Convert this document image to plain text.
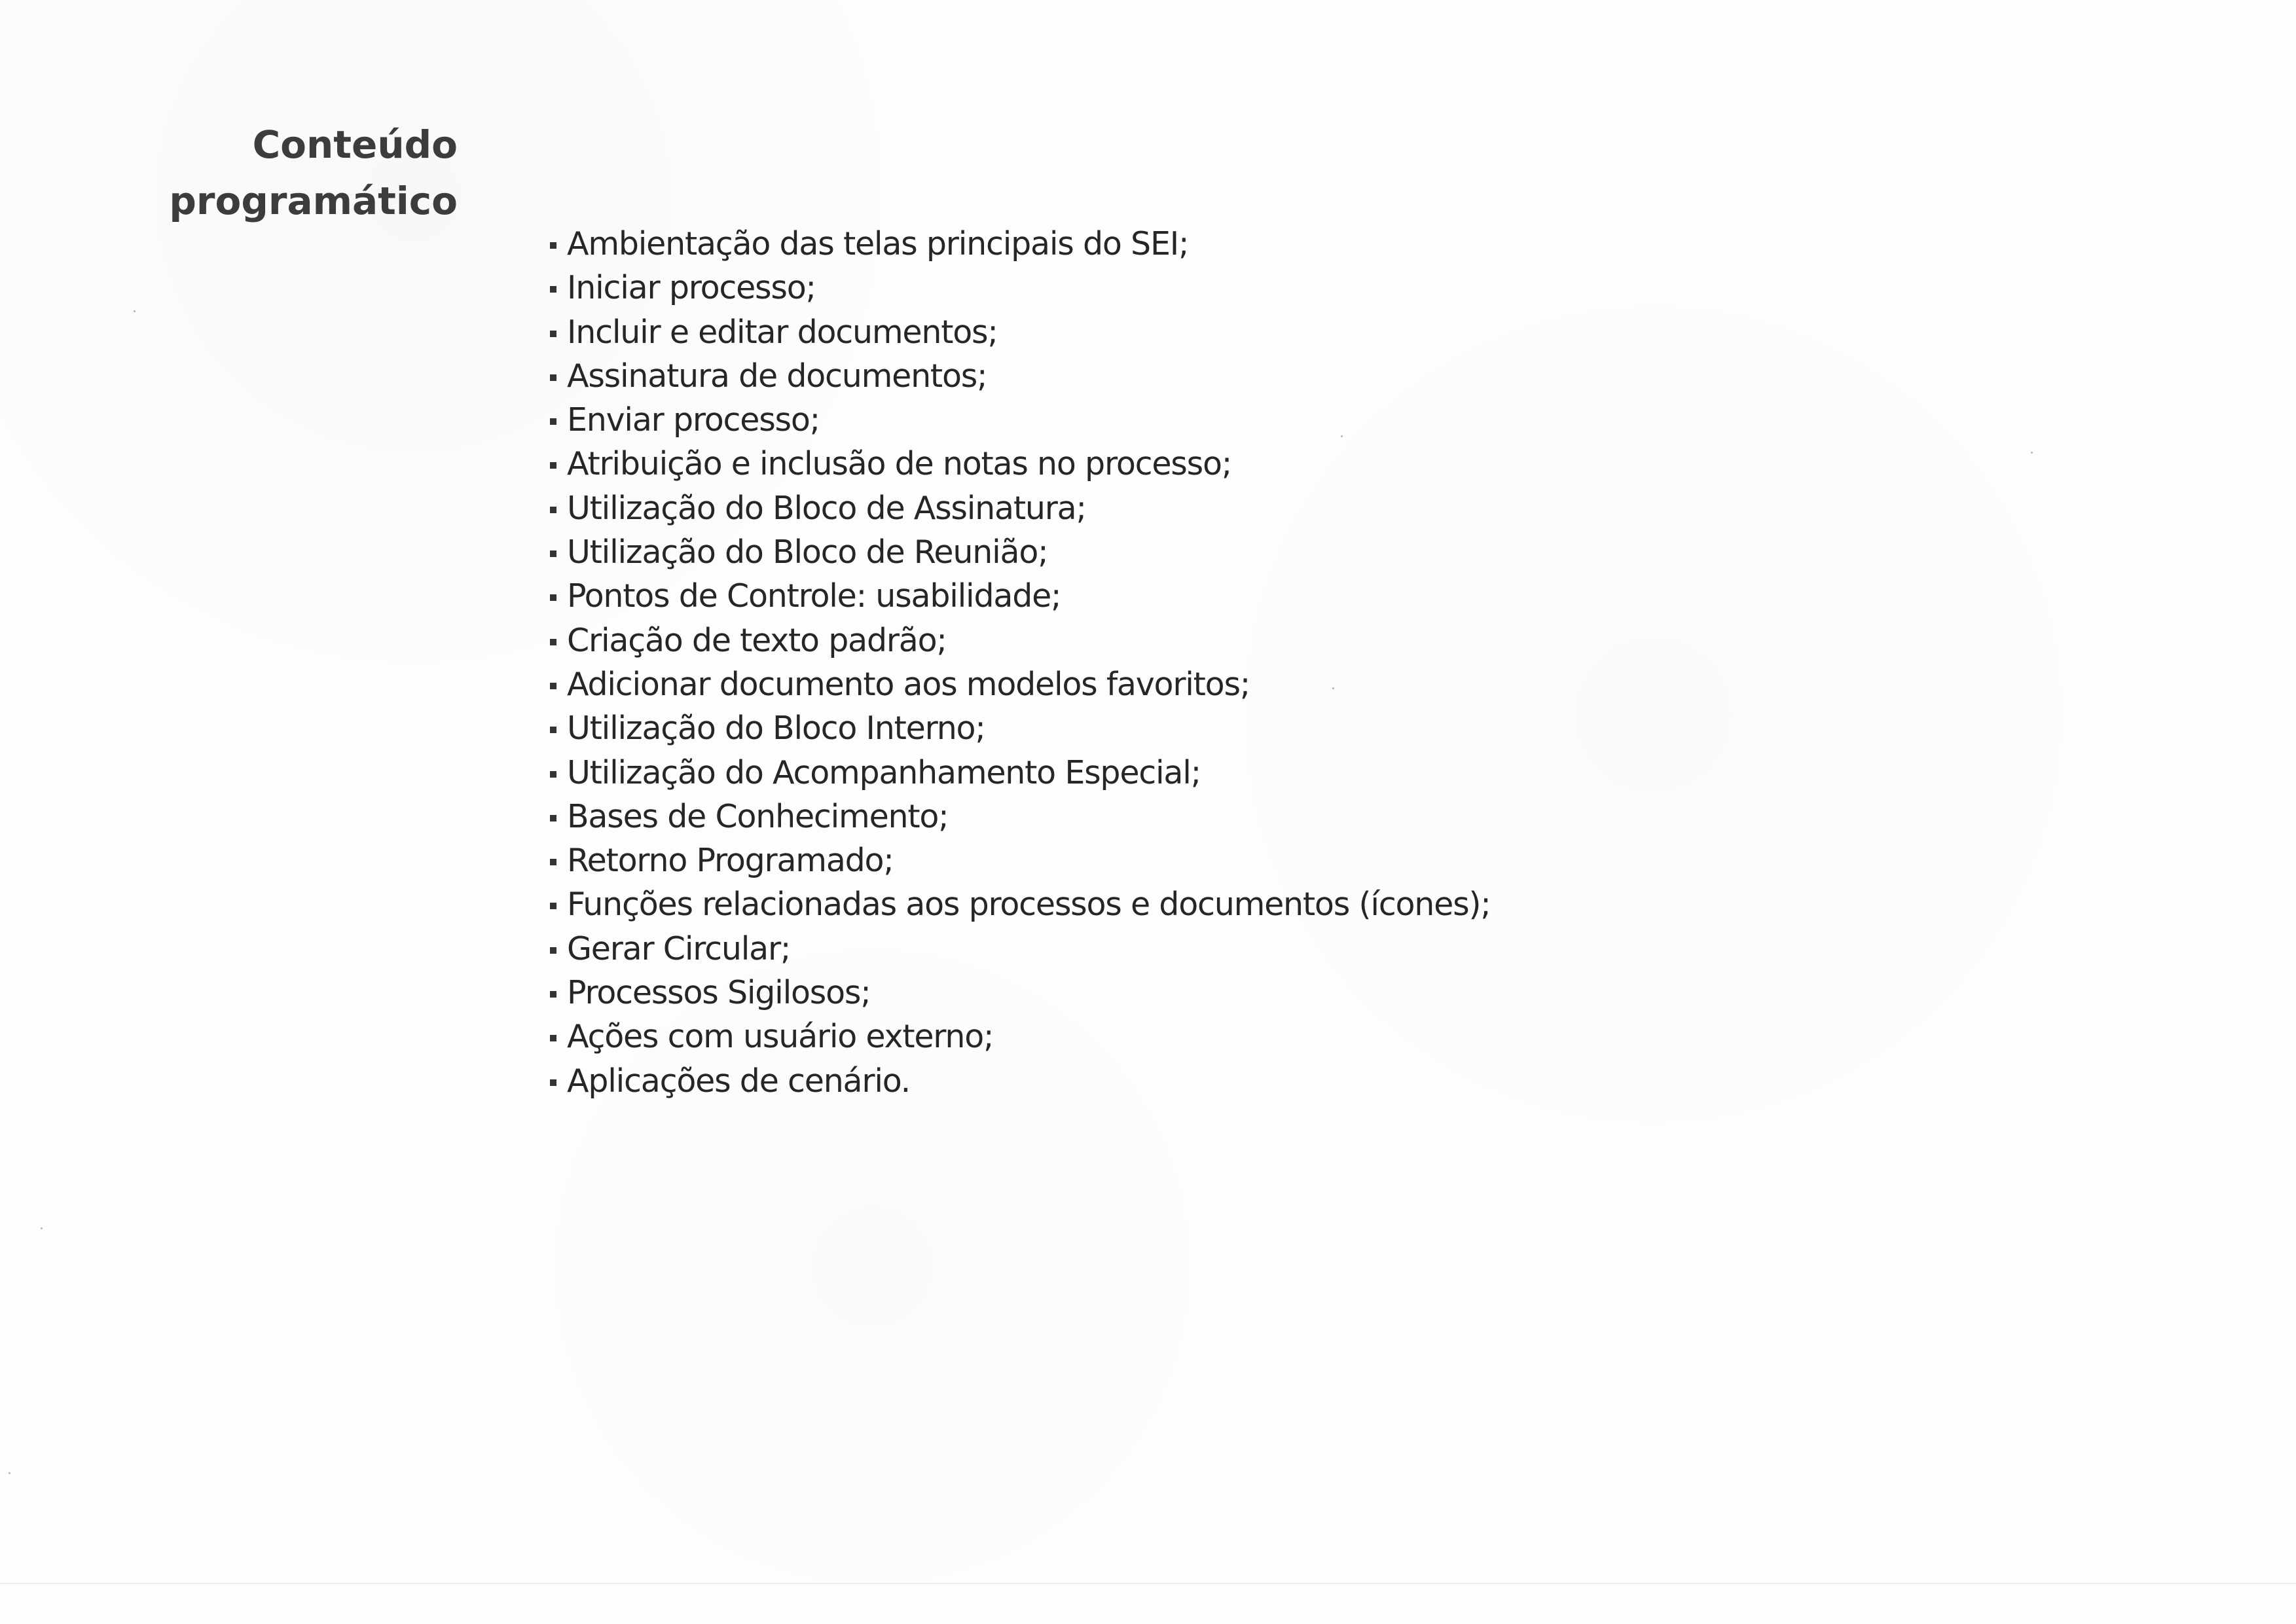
Conteúdo
programático
Ambientação das telas principais do SEI;
Iniciar processo;
Incluir e editar documentos;
Assinatura de documentos;
Enviar processo;
Atribuição e inclusão de notas no processo;
Utilização do Bloco de Assinatura;
Utilização do Bloco de Reunião;
Pontos de Controle: usabilidade;
Criação de texto padrão;
Adicionar documento aos modelos favoritos;
Utilização do Bloco Interno;
Utilização do Acompanhamento Especial;
Bases de Conhecimento;
Retorno Programado;
Funções relacionadas aos processos e documentos (ícones);
Gerar Circular;
Processos Sigilosos;
Ações com usuário externo;
Aplicações de cenário.
